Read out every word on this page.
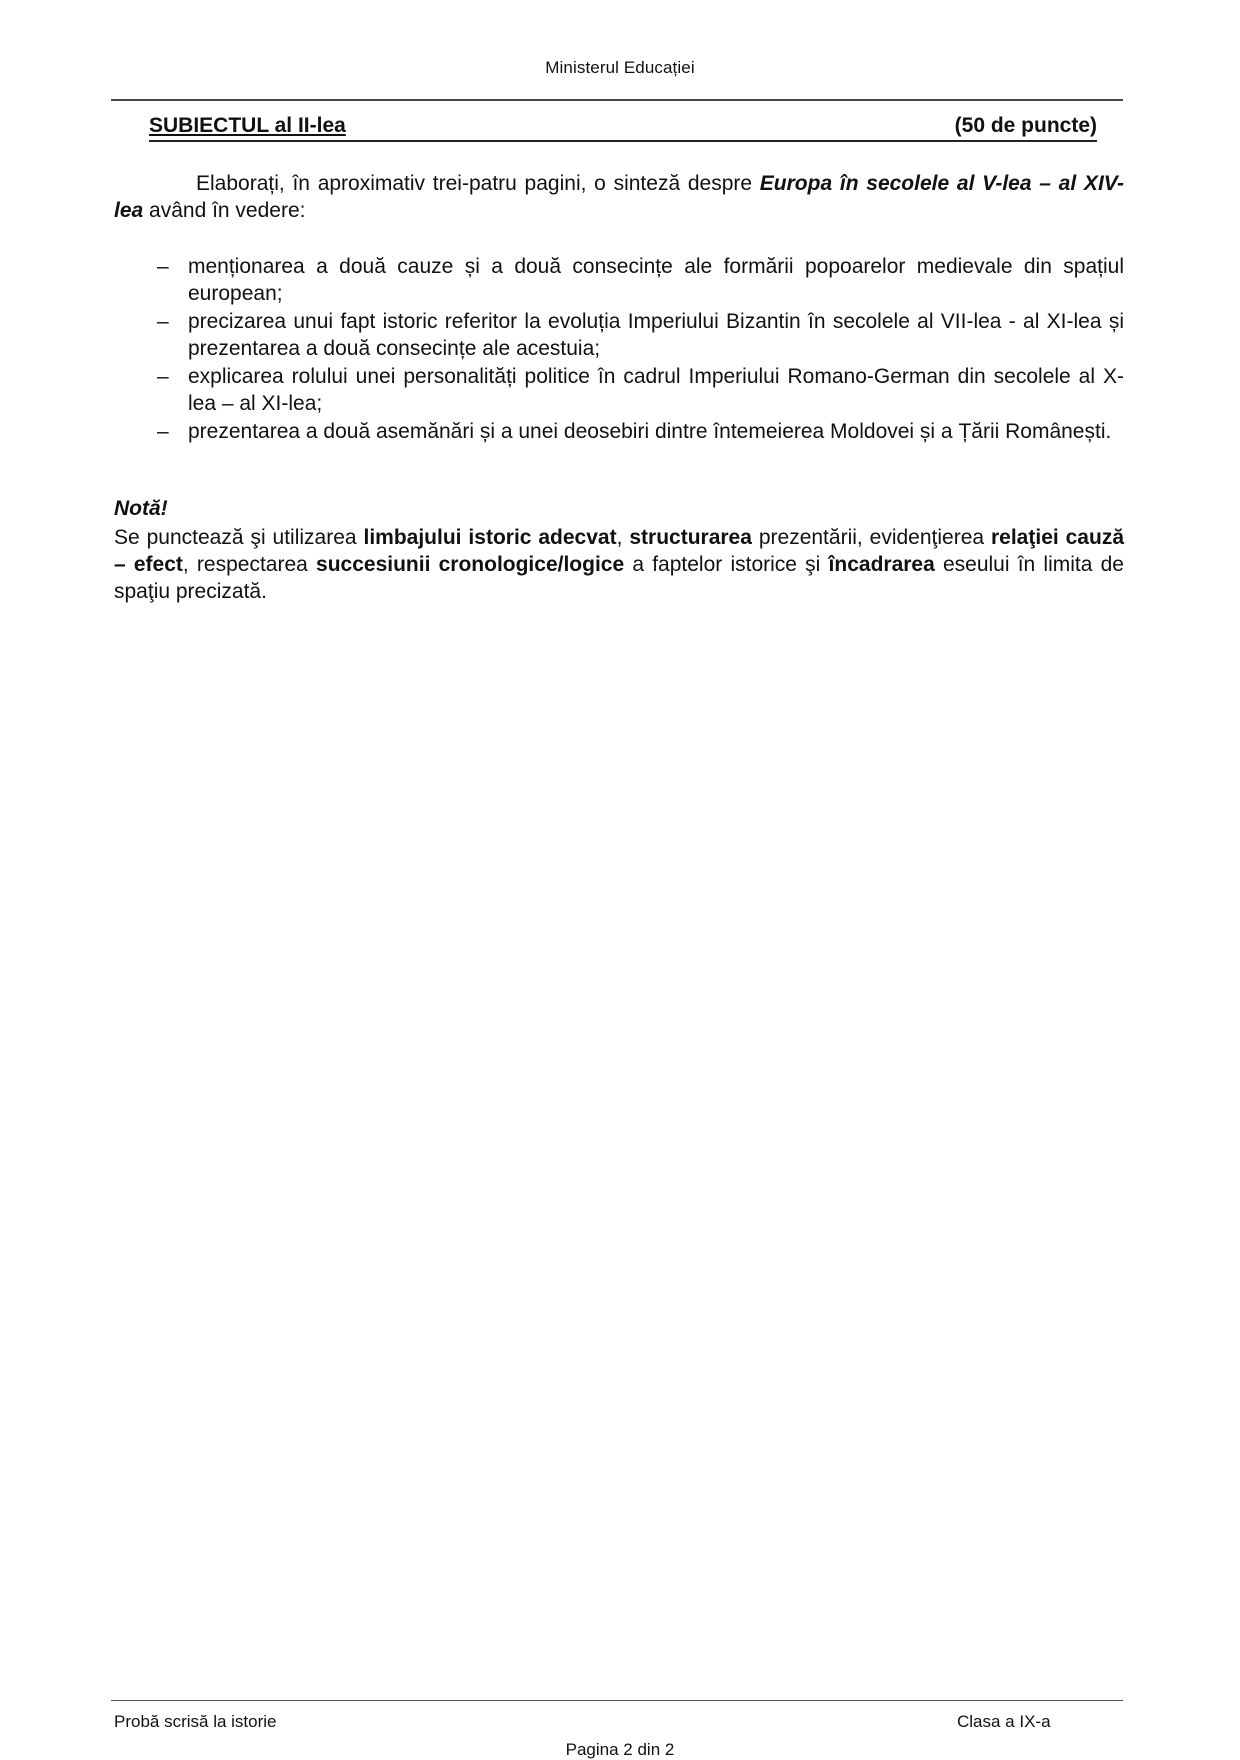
Ministerul Educației
SUBIECTUL al II-lea	(50 de puncte)
Elaborați, în aproximativ trei-patru pagini, o sinteză despre Europa în secolele al V-lea – al XIV-lea având în vedere:
– menționarea a două cauze și a două consecințe ale formării popoarelor medievale din spațiul european;
– precizarea unui fapt istoric referitor la evoluția Imperiului Bizantin în secolele al VII-lea - al XI-lea și prezentarea a două consecințe ale acestuia;
– explicarea rolului unei personalități politice în cadrul Imperiului Romano-German din secolele al X-lea – al XI-lea;
– prezentarea a două asemănări și a unei deosebiri dintre întemeierea Moldovei și a Țării Românești.
Notă!
Se punctează şi utilizarea limbajului istoric adecvat, structurarea prezentării, evidenţierea relaţiei cauză – efect, respectarea succesiunii cronologice/logice a faptelor istorice şi încadrarea eseului în limita de spaţiu precizată.
Probă scrisă la istorie	Clasa a IX-a
Pagina 2 din 2
